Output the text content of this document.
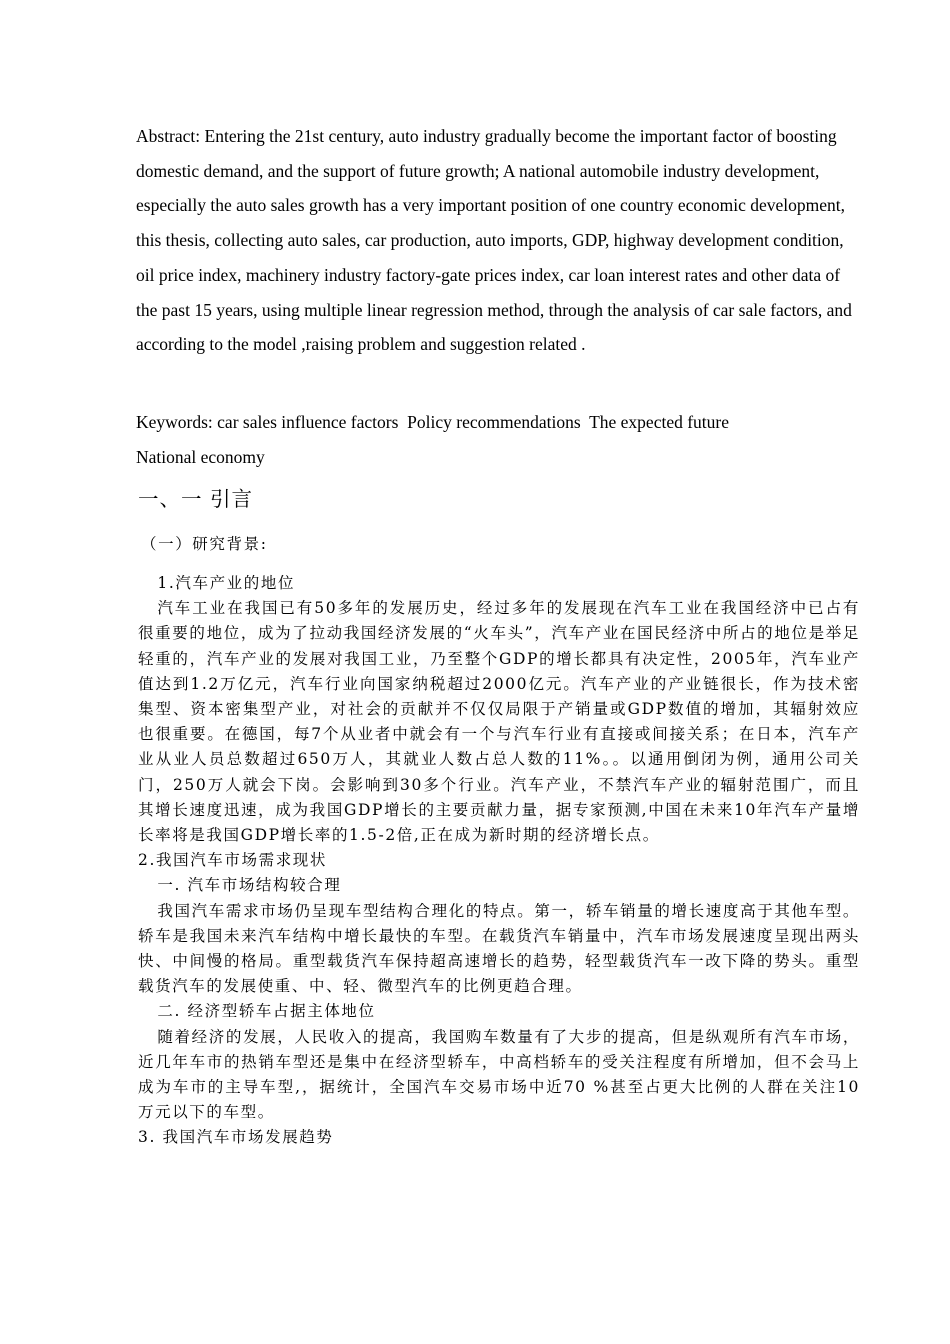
Abstract: Entering the 21st century, auto industry gradually become the important factor of boosting domestic demand, and the support of future growth; A national automobile industry development, especially the auto sales growth has a very important position of one country economic development, this thesis, collecting auto sales, car production, auto imports, GDP, highway development condition, oil price index, machinery industry factory-gate prices index, car loan interest rates and other data of the past 15 years, using multiple linear regression method, through the analysis of car sale factors, and according to the model ,raising problem and suggestion related .

Keywords: car sales influence factors  Policy recommendations  The expected future
National economy

一、一 引言
（一）研究背景:
1.汽车产业的地位

汽车工业在我国已有50多年的发展历史，经过多年的发展现在汽车工业在我国经济中已占有很重要的地位，成为了拉动我国经济发展的“火车头”，汽车产业在国民经济中所占的地位是举足轻重的，汽车产业的发展对我国工业，乃至整个GDP的增长都具有决定性，2005年，汽车业产值达到1.2万亿元，汽车行业向国家纳税超过2000亿元。汽车产业的产业链很长，作为技术密集型、资本密集型产业，对社会的贡献并不仅仅局限于产销量或GDP数值的增加，其辐射效应也很重要。在德国，每7个从业者中就会有一个与汽车行业有直接或间接关系；在日本，汽车产业从业人员总数超过650万人，其就业人数占总人数的11%。。以通用倒闭为例，通用公司关门，250万人就会下岗。会影响到30多个行业。汽车产业，不禁汽车产业的辐射范围广，而且其增长速度迅速，成为我国GDP增长的主要贡献力量，据专家预测,中国在未来10年汽车产量增长率将是我国GDP增长率的1.5-2倍,正在成为新时期的经济增长点。

2.我国汽车市场需求现状
一. 汽车市场结构较合理

我国汽车需求市场仍呈现车型结构合理化的特点。第一，轿车销量的增长速度高于其他车型。轿车是我国未来汽车结构中增长最快的车型。在载货汽车销量中，汽车市场发展速度呈现出两头快、中间慢的格局。重型载货汽车保持超高速增长的趋势，轻型载货汽车一改下降的势头。重型载货汽车的发展使重、中、轻、微型汽车的比例更趋合理。

二. 经济型轿车占据主体地位

随着经济的发展，人民收入的提高，我国购车数量有了大步的提高，但是纵观所有汽车市场，近几年车市的热销车型还是集中在经济型轿车，中高档轿车的受关注程度有所增加，但不会马上成为车市的主导车型,，据统计，全国汽车交易市场中近70 %甚至占更大比例的人群在关注10 万元以下的车型。

3. 我国汽车市场发展趋势
